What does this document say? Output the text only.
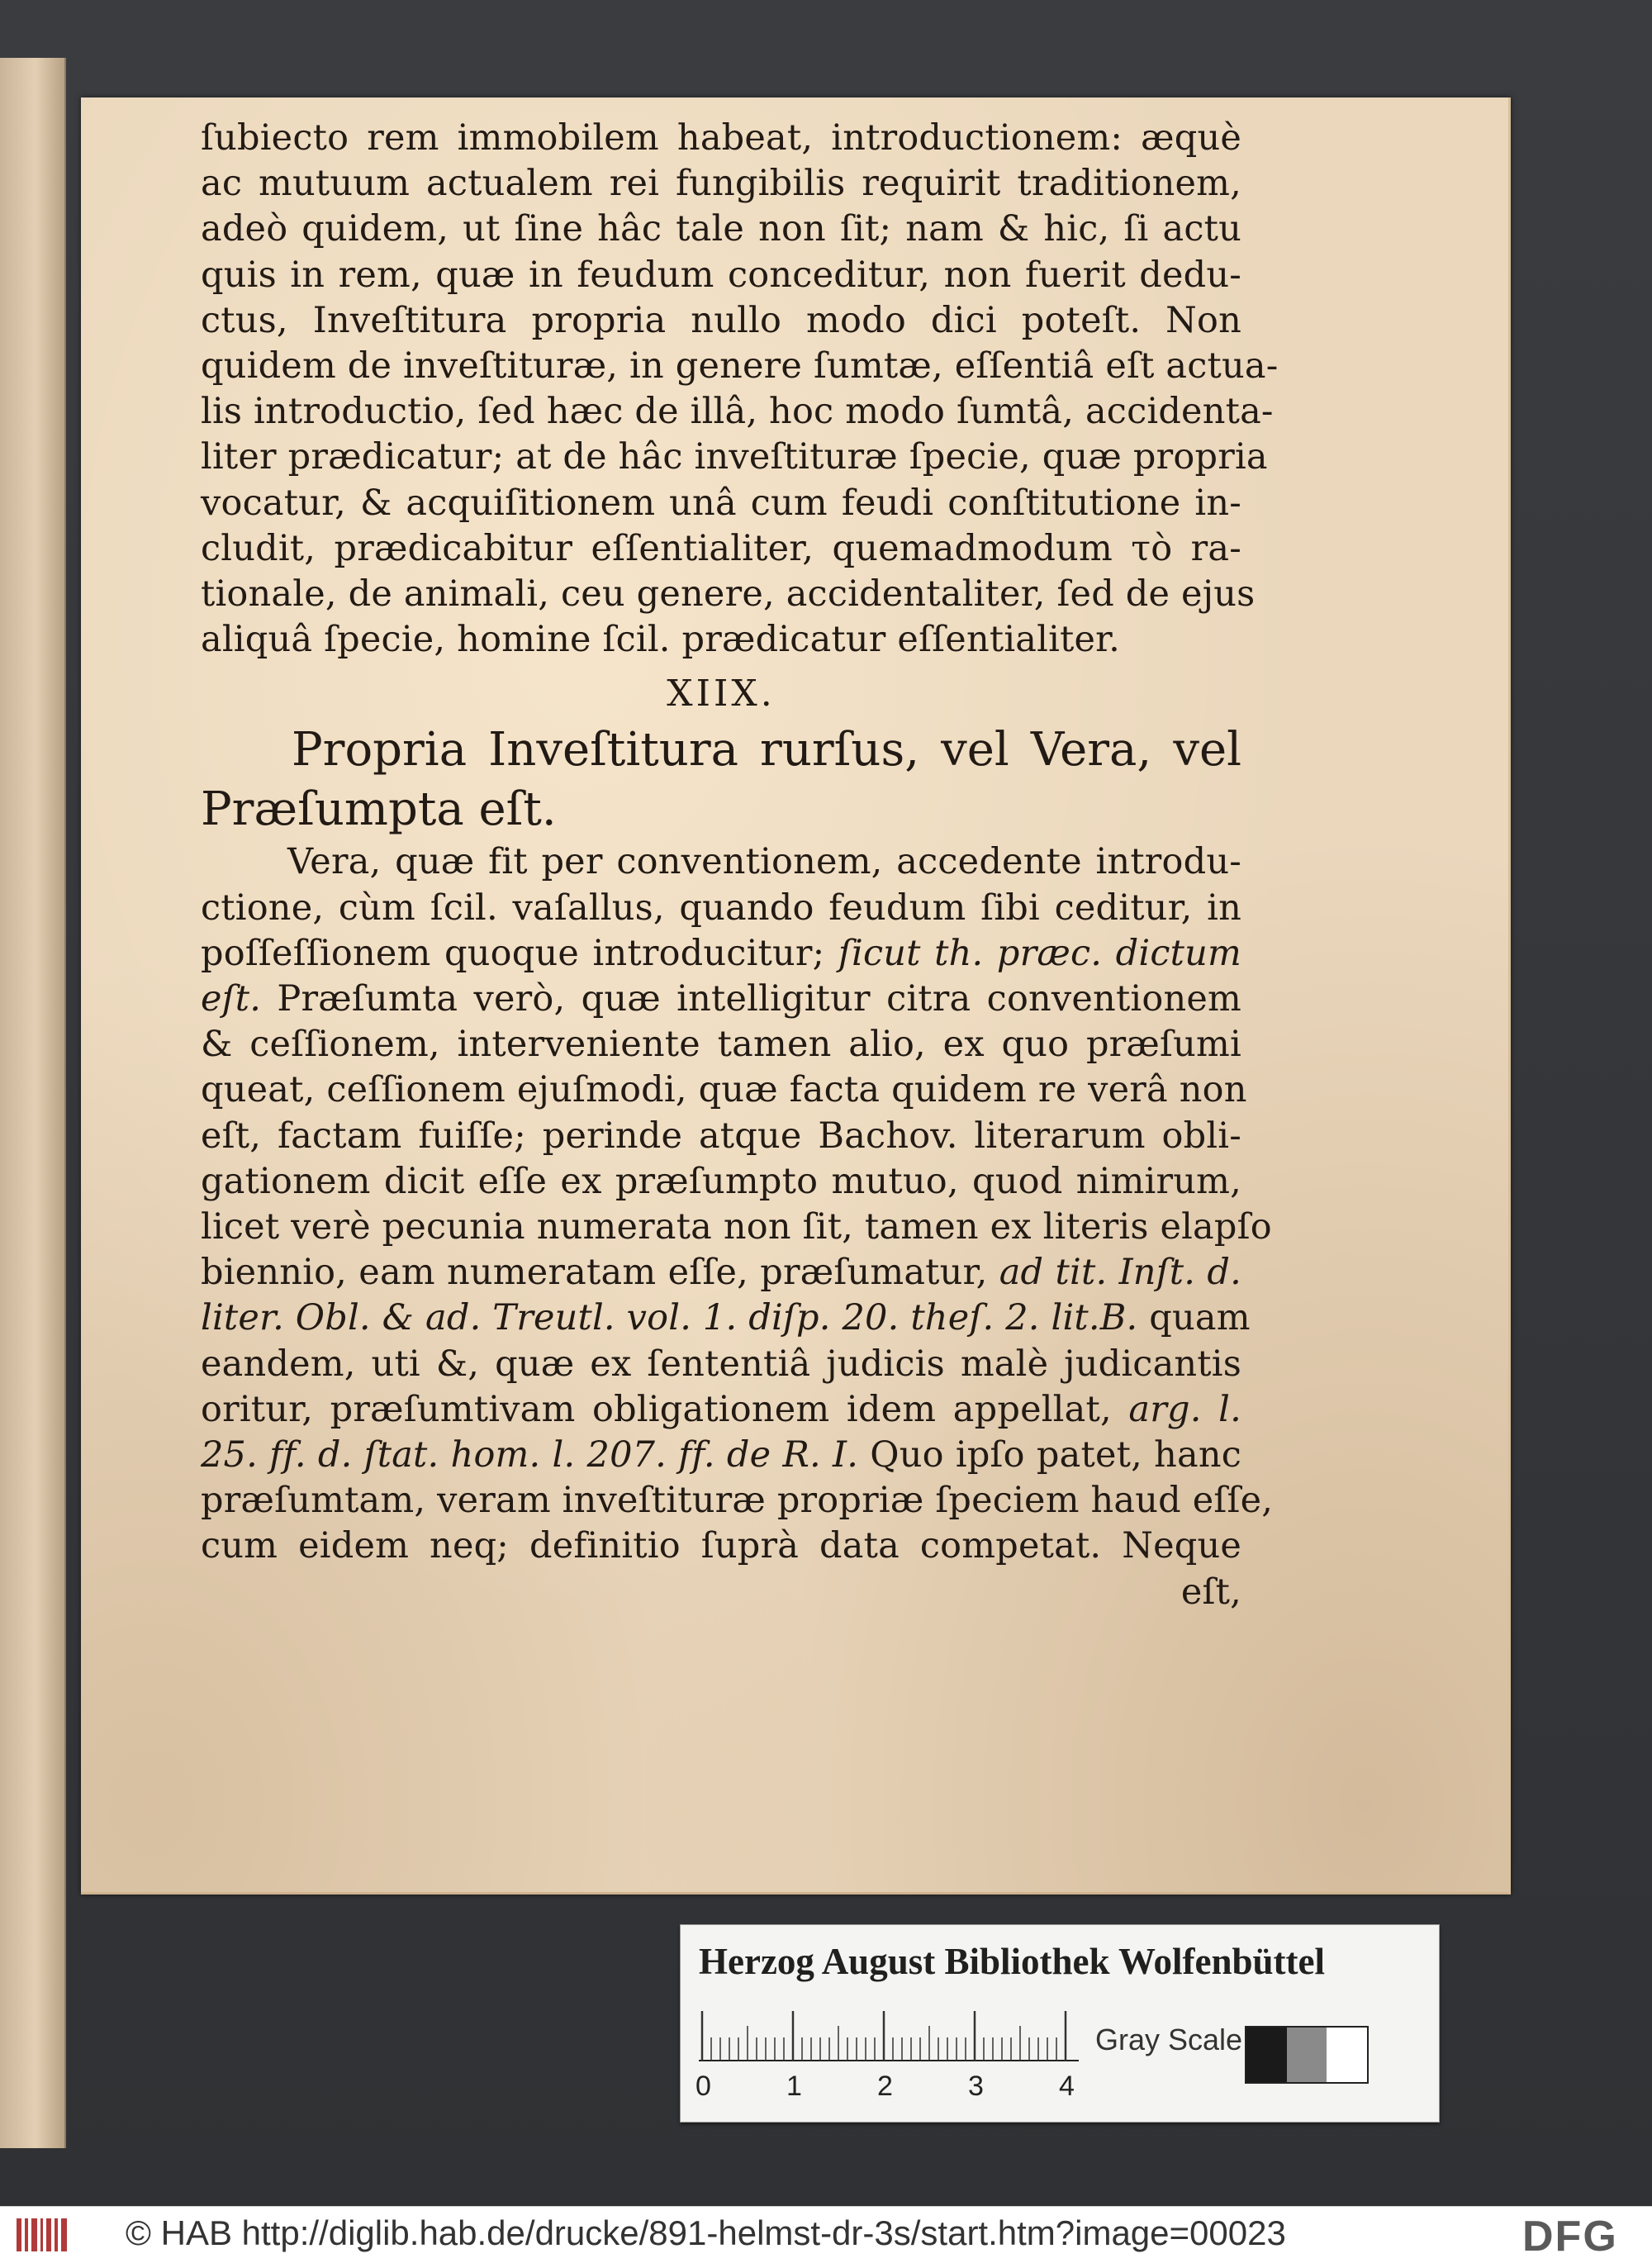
ſubiecto rem immobilem habeat, introductionem: æquè
ac mutuum actualem rei fungibilis requirit traditionem,
adeò quidem, ut ſine hâc tale non ſit; nam & hic, ſi actu
quis in rem, quæ in feudum conceditur, non fuerit dedu-
ctus, Inveſtitura propria nullo modo dici poteſt. Non
quidem de inveſtituræ, in genere ſumtæ, eſſentiâ eſt actua-
lis introductio, ſed hæc de illâ, hoc modo ſumtâ, accidenta-
liter prædicatur; at de hâc inveſtituræ ſpecie, quæ propria
vocatur, & acquiſitionem unâ cum feudi conſtitutione in-
cludit, prædicabitur eſſentialiter, quemadmodum τὸ ra-
tionale, de animali, ceu genere, accidentaliter, ſed de ejus
aliquâ ſpecie, homine ſcil. prædicatur eſſentialiter.
XIIX.
Propria Inveſtitura rurſus, vel Vera, vel
Præſumpta eſt.
Vera, quæ fit per conventionem, accedente introdu-
ctione, cùm ſcil. vaſallus, quando feudum ſibi ceditur, in
poſſeſſionem quoque introducitur; ſicut th. præc. dictum
eſt. Præſumta verò, quæ intelligitur citra conventionem
& ceſſionem, interveniente tamen alio, ex quo præſumi
queat, ceſſionem ejuſmodi, quæ facta quidem re verâ non
eſt, factam fuiſſe; perinde atque Bachov. literarum obli-
gationem dicit eſſe ex præſumpto mutuo, quod nimirum,
licet verè pecunia numerata non ſit, tamen ex literis elapſo
biennio, eam numeratam eſſe, præſumatur, ad tit. Inſt. d.
liter. Obl. & ad. Treutl. vol. 1. diſp. 20. theſ. 2. lit.B. quam
eandem, uti &, quæ ex ſententiâ judicis malè judicantis
oritur, præſumtivam obligationem idem appellat, arg. l.
25. ff. d. ſtat. hom. l. 207. ff. de R. I. Quo ipſo patet, hanc
præſumtam, veram inveſtituræ propriæ ſpeciem haud eſſe,
cum eidem neq; definitio ſuprà data competat. Neque
eſt,
Herzog August Bibliothek Wolfenbüttel
0	1	2	3	4
Gray Scale
© HAB http://diglib.hab.de/drucke/891-helmst-dr-3s/start.htm?image=00023	DFG
